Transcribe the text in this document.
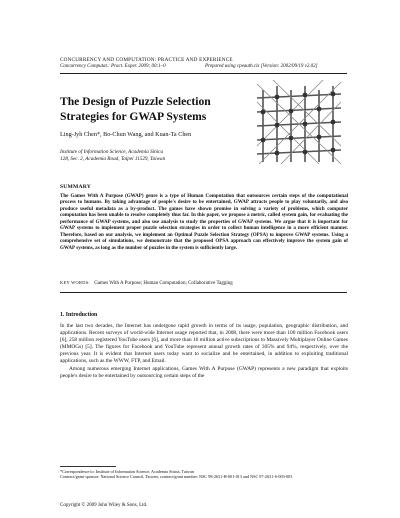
CONCURRENCY AND COMPUTATION: PRACTICE AND EXPERIENCE
Concurrency Computat.: Pract. Exper. 2009; 00:1–0	Prepared using cpeauth.cls [Version: 2002/09/19 v2.02]
The Design of Puzzle Selection Strategies for GWAP Systems
Ling-Jyh Chen*, Bo-Chun Wang, and Kuan-Ta Chen
Institute of Information Science, Academia Sinica
128, Sec. 2, Academia Road, Taipei 11529, Taiwan
SUMMARY
The Games With A Purpose (GWAP) genre is a type of Human Computation that outsources certain steps of the computational process to humans. By taking advantage of people's desire to be entertained, GWAP attracts people to play voluntarily, and also produce useful metadata as a by-product. The games have shown promise in solving a variety of problems, which computer computation has been unable to resolve completely thus far. In this paper, we propose a metric, called system gain, for evaluating the performance of GWAP systems, and also use analysis to study the properties of GWAP systems. We argue that it is important for GWAP systems to implement proper puzzle selection strategies in order to collect human intelligence in a more efficient manner. Therefore, based on our analysis, we implement an Optimal Puzzle Selection Strategy (OPSA) to improve GWAP systems. Using a comprehensive set of simulations, we demonstrate that the proposed OPSA approach can effectively improve the system gain of GWAP systems, as long as the number of puzzles in the system is sufficiently large.
KEY WORDS: Games With A Purpose; Human Computation; Collaborative Tagging
1. Introduction

In the last two decades, the Internet has undergone rapid growth in terms of its usage, population, geographic distribution, and applications. Recent surveys of world-wide Internet usage reported that, in 2008, there were more than 100 million Facebook users [6], 258 million registered YouTube users [6], and more than 16 million active subscriptions to Massively Multiplayer Online Games (MMOGs) [5]. The figures for Facebook and YouTube represent annual growth rates of 305% and 94%, respectively, over the previous year. It is evident that Internet users today want to socialize and be entertained, in addition to exploiting traditional applications, such as the WWW, FTP, and Email.

Among numerous emerging Internet applications, Games With A Purpose (GWAP) represents a new paradigm that exploits people's desire to be entertained by outsourcing certain steps of the

*Correspondence to: Institute of Information Science, Academia Sinica, Taiwan
Contract/grant sponsor: National Science Council, Taiwan; contract/grant number: NSC 98-2631-H-001-013 and NSC 97-2631-S-003-003
Copyright © 2009 John Wiley & Sons, Ltd.
